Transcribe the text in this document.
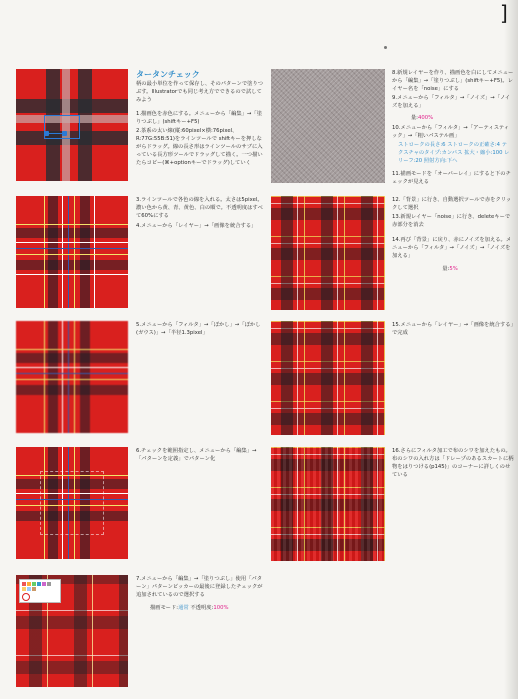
]
タータンチェック
柄の最小単位を作って保存し、そのパターンで塗りつぶす。Illustratorでも同じ考え方でできるので試してみよう
1.描画色を赤色にする。メニューから「編集」→「塗りつぶし」(shiftキー+F5)
2.茶系の太い線(縦:60pixel×横:76pixel、R:77G:55B:51)をラインツールで shiftキーを押しながらドラッグ。線の長さ形はラインツールのサブに入っている長方形ツールでドラッグして描く。一つ描いたらコピー(⌘+optionキーでドラッグ)していく
3.ラインツールで各色の線を入れる。太さは5pixel。濃い色から黄、青、黄色、白の順で。不透明度はすべて60%にする
4.メニューから「レイヤー」→「画像を統合する」
5.メニューから「フィルタ」→「ぼかし」→「ぼかし(ガウス)」→「半径1.3pixel」
6.チェックを範囲指定し、メニューから「編集」→「パターンを定義」でパターン化
7.メニューから「編集」→「塗りつぶし」使用「パターン」パターンピッカーの最後に登録したチェックが追加されているので選択する
描画モード:通常 不透明度:100%
8.新規レイヤーを作り、描画色を白にしてメニューから「編集」→「塗りつぶし」(shiftキー+F5)。レイヤー名を「noise」にする
9.メニューから「フィルタ」→「ノイズ」→「ノイズを加える」
量:400%
10.メニューから「フィルタ」→「アーティスティック」→「粗いパステル画」
ストロークの長さ:6 ストロークの正確さ:4 テクスチャのタイプ:カンバス 拡大・縮小:100 レリーフ:20 照射方向:下へ
11.描画モードを「オーバーレイ」にすると下のチェックが見える
12.「背景」に行き、自動選択ツールで赤をクリックして選択
13.新規レイヤー「noise」に行き、deleteキーで赤部分を消去
14.再び「背景」に戻り、赤にノイズを加える。メニューから「フィルタ」→「ノイズ」→「ノイズを加える」
量:5%
15.メニューから「レイヤー」→「画像を統合する」で完成
16.さらにフィルタ加工で布のシワを加えたもの。布のシワの入れ方は「ドレープのあるスカートに柄物をはりつける(p145)」のコーナーに詳しくのせている
